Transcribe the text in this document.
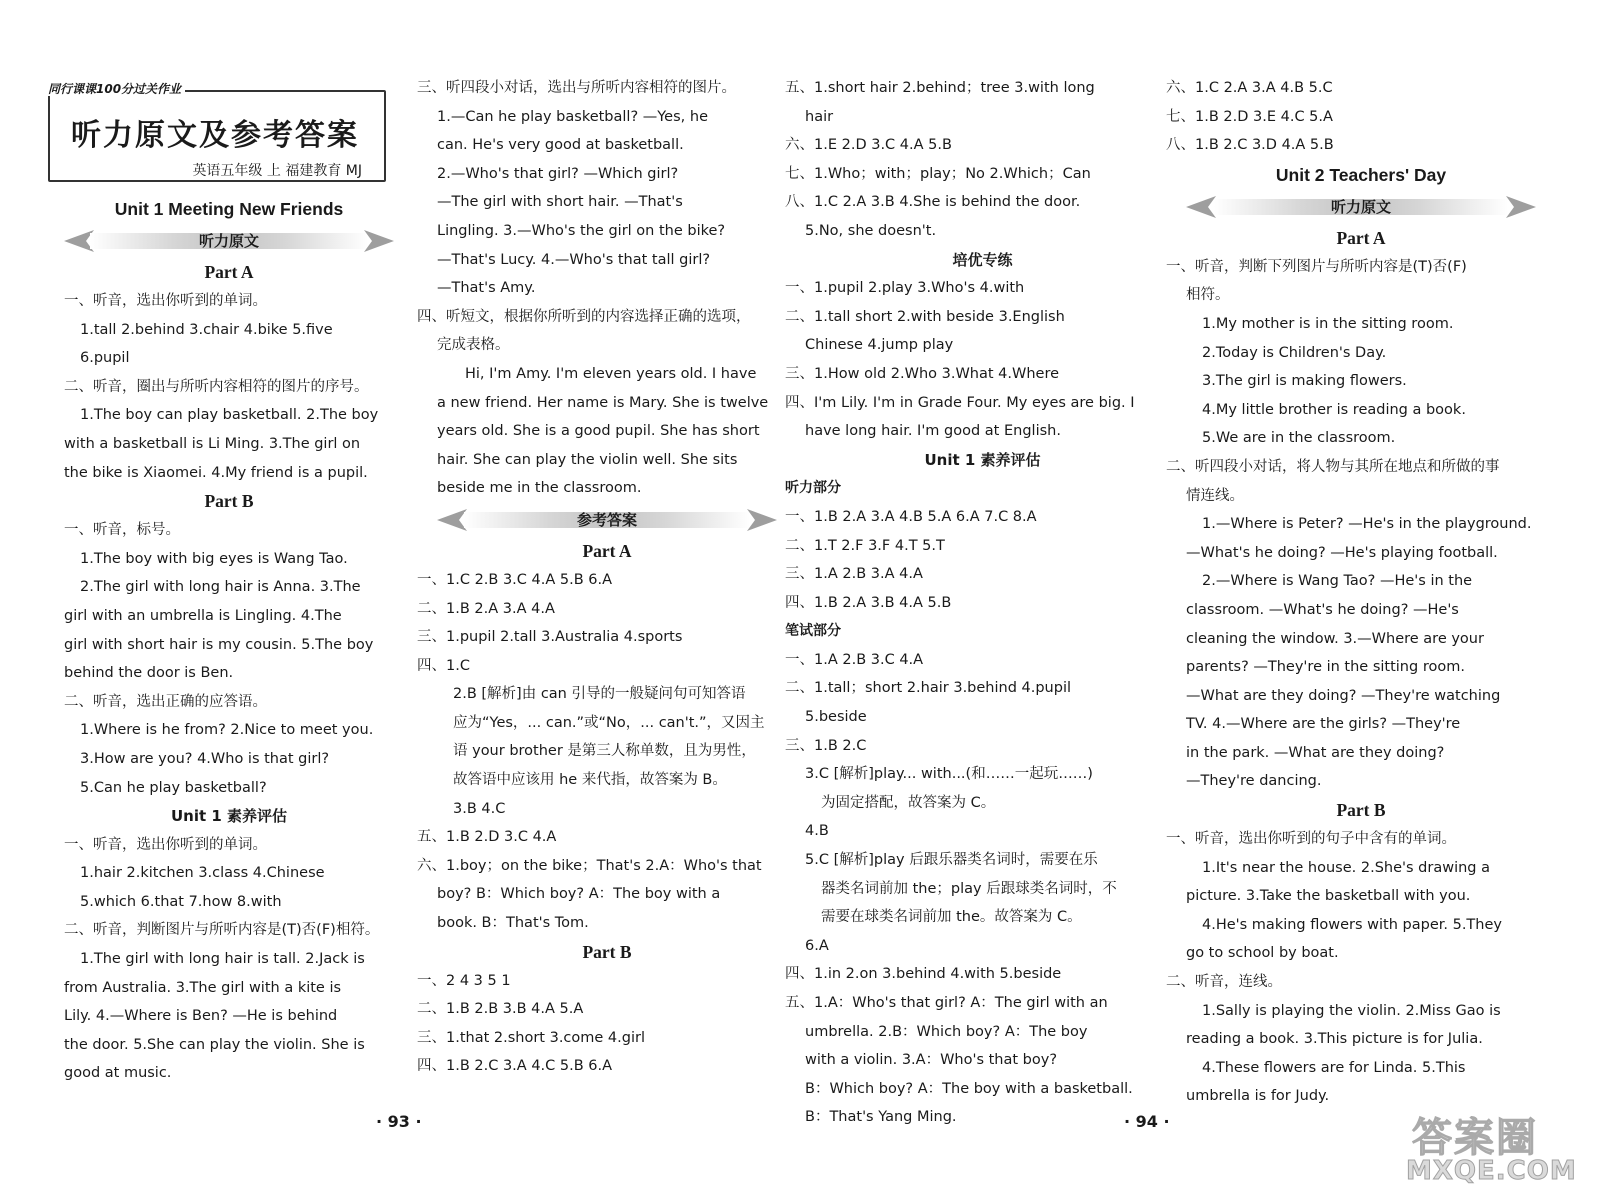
同行课课100分过关作业
听力原文及参考答案
英语五年级 上 福建教育 MJ
Unit 1 Meeting New Friends
听力原文
Part A
一、听音，选出你听到的单词。
1.tall 2.behind 3.chair 4.bike 5.five
6.pupil
二、听音，圈出与所听内容相符的图片的序号。
1.The boy can play basketball. 2.The boy
with a basketball is Li Ming. 3.The girl on
the bike is Xiaomei. 4.My friend is a pupil.
Part B
一、听音，标号。
1.The boy with big eyes is Wang Tao.
2.The girl with long hair is Anna. 3.The
girl with an umbrella is Lingling. 4.The
girl with short hair is my cousin. 5.The boy
behind the door is Ben.
二、听音，选出正确的应答语。
1.Where is he from? 2.Nice to meet you.
3.How are you? 4.Who is that girl?
5.Can he play basketball?
Unit 1 素养评估
一、听音，选出你听到的单词。
1.hair 2.kitchen 3.class 4.Chinese
5.which 6.that 7.how 8.with
二、听音，判断图片与所听内容是(T)否(F)相符。
1.The girl with long hair is tall. 2.Jack is
from Australia. 3.The girl with a kite is
Lily. 4.—Where is Ben? —He is behind
the door. 5.She can play the violin. She is
good at music.
三、听四段小对话，选出与所听内容相符的图片。
1.—Can he play basketball? —Yes, he
can. He's very good at basketball.
2.—Who's that girl? —Which girl?
—The girl with short hair. —That's
Lingling. 3.—Who's the girl on the bike?
—That's Lucy. 4.—Who's that tall girl?
—That's Amy.
四、听短文，根据你所听到的内容选择正确的选项，
完成表格。
Hi, I'm Amy. I'm eleven years old. I have
a new friend. Her name is Mary. She is twelve
years old. She is a good pupil. She has short
hair. She can play the violin well. She sits
beside me in the classroom.
参考答案
Part A
一、1.C 2.B 3.C 4.A 5.B 6.A
二、1.B 2.A 3.A 4.A
三、1.pupil 2.tall 3.Australia 4.sports
四、1.C
2.B [解析]由 can 引导的一般疑问句可知答语
应为“Yes，... can.”或“No，... can't.”，又因主
语 your brother 是第三人称单数，且为男性，
故答语中应该用 he 来代指，故答案为 B。
3.B 4.C
五、1.B 2.D 3.C 4.A
六、1.boy；on the bike；That's 2.A：Who's that
boy? B：Which boy? A：The boy with a
book. B：That's Tom.
Part B
一、2 4 3 5 1
二、1.B 2.B 3.B 4.A 5.A
三、1.that 2.short 3.come 4.girl
四、1.B 2.C 3.A 4.C 5.B 6.A
· 93 ·
五、1.short hair 2.behind；tree 3.with long
hair
六、1.E 2.D 3.C 4.A 5.B
七、1.Who；with；play；No 2.Which；Can
八、1.C 2.A 3.B 4.She is behind the door.
5.No, she doesn't.
培优专练
一、1.pupil 2.play 3.Who's 4.with
二、1.tall short 2.with beside 3.English
Chinese 4.jump play
三、1.How old 2.Who 3.What 4.Where
四、I'm Lily. I'm in Grade Four. My eyes are big. I
have long hair. I'm good at English.
Unit 1 素养评估
听力部分
一、1.B 2.A 3.A 4.B 5.A 6.A 7.C 8.A
二、1.T 2.F 3.F 4.T 5.T
三、1.A 2.B 3.A 4.A
四、1.B 2.A 3.B 4.A 5.B
笔试部分
一、1.A 2.B 3.C 4.A
二、1.tall；short 2.hair 3.behind 4.pupil
5.beside
三、1.B 2.C
3.C [解析]play... with...(和……一起玩……)
为固定搭配，故答案为 C。
4.B
5.C [解析]play 后跟乐器类名词时，需要在乐
器类名词前加 the；play 后跟球类名词时，不
需要在球类名词前加 the。故答案为 C。
6.A
四、1.in 2.on 3.behind 4.with 5.beside
五、1.A：Who's that girl? A：The girl with an
umbrella. 2.B：Which boy? A：The boy
with a violin. 3.A：Who's that boy?
B：Which boy? A：The boy with a basketball.
B：That's Yang Ming.	· 94 ·
六、1.C 2.A 3.A 4.B 5.C
七、1.B 2.D 3.E 4.C 5.A
八、1.B 2.C 3.D 4.A 5.B
Unit 2 Teachers' Day
听力原文
Part A
一、听音，判断下列图片与所听内容是(T)否(F)
相符。
1.My mother is in the sitting room.
2.Today is Children's Day.
3.The girl is making flowers.
4.My little brother is reading a book.
5.We are in the classroom.
二、听四段小对话，将人物与其所在地点和所做的事
情连线。
1.—Where is Peter? —He's in the playground.
—What's he doing? —He's playing football.
2.—Where is Wang Tao? —He's in the
classroom. —What's he doing? —He's
cleaning the window. 3.—Where are your
parents? —They're in the sitting room.
—What are they doing? —They're watching
TV. 4.—Where are the girls? —They're
in the park. —What are they doing?
—They're dancing.
Part B
一、听音，选出你听到的句子中含有的单词。
1.It's near the house. 2.She's drawing a
picture. 3.Take the basketball with you.
4.He's making flowers with paper. 5.They
go to school by boat.
二、听音，连线。
1.Sally is playing the violin. 2.Miss Gao is
reading a book. 3.This picture is for Julia.
4.These flowers are for Linda. 5.This
umbrella is for Judy.
答案圈
MXQE.COM
